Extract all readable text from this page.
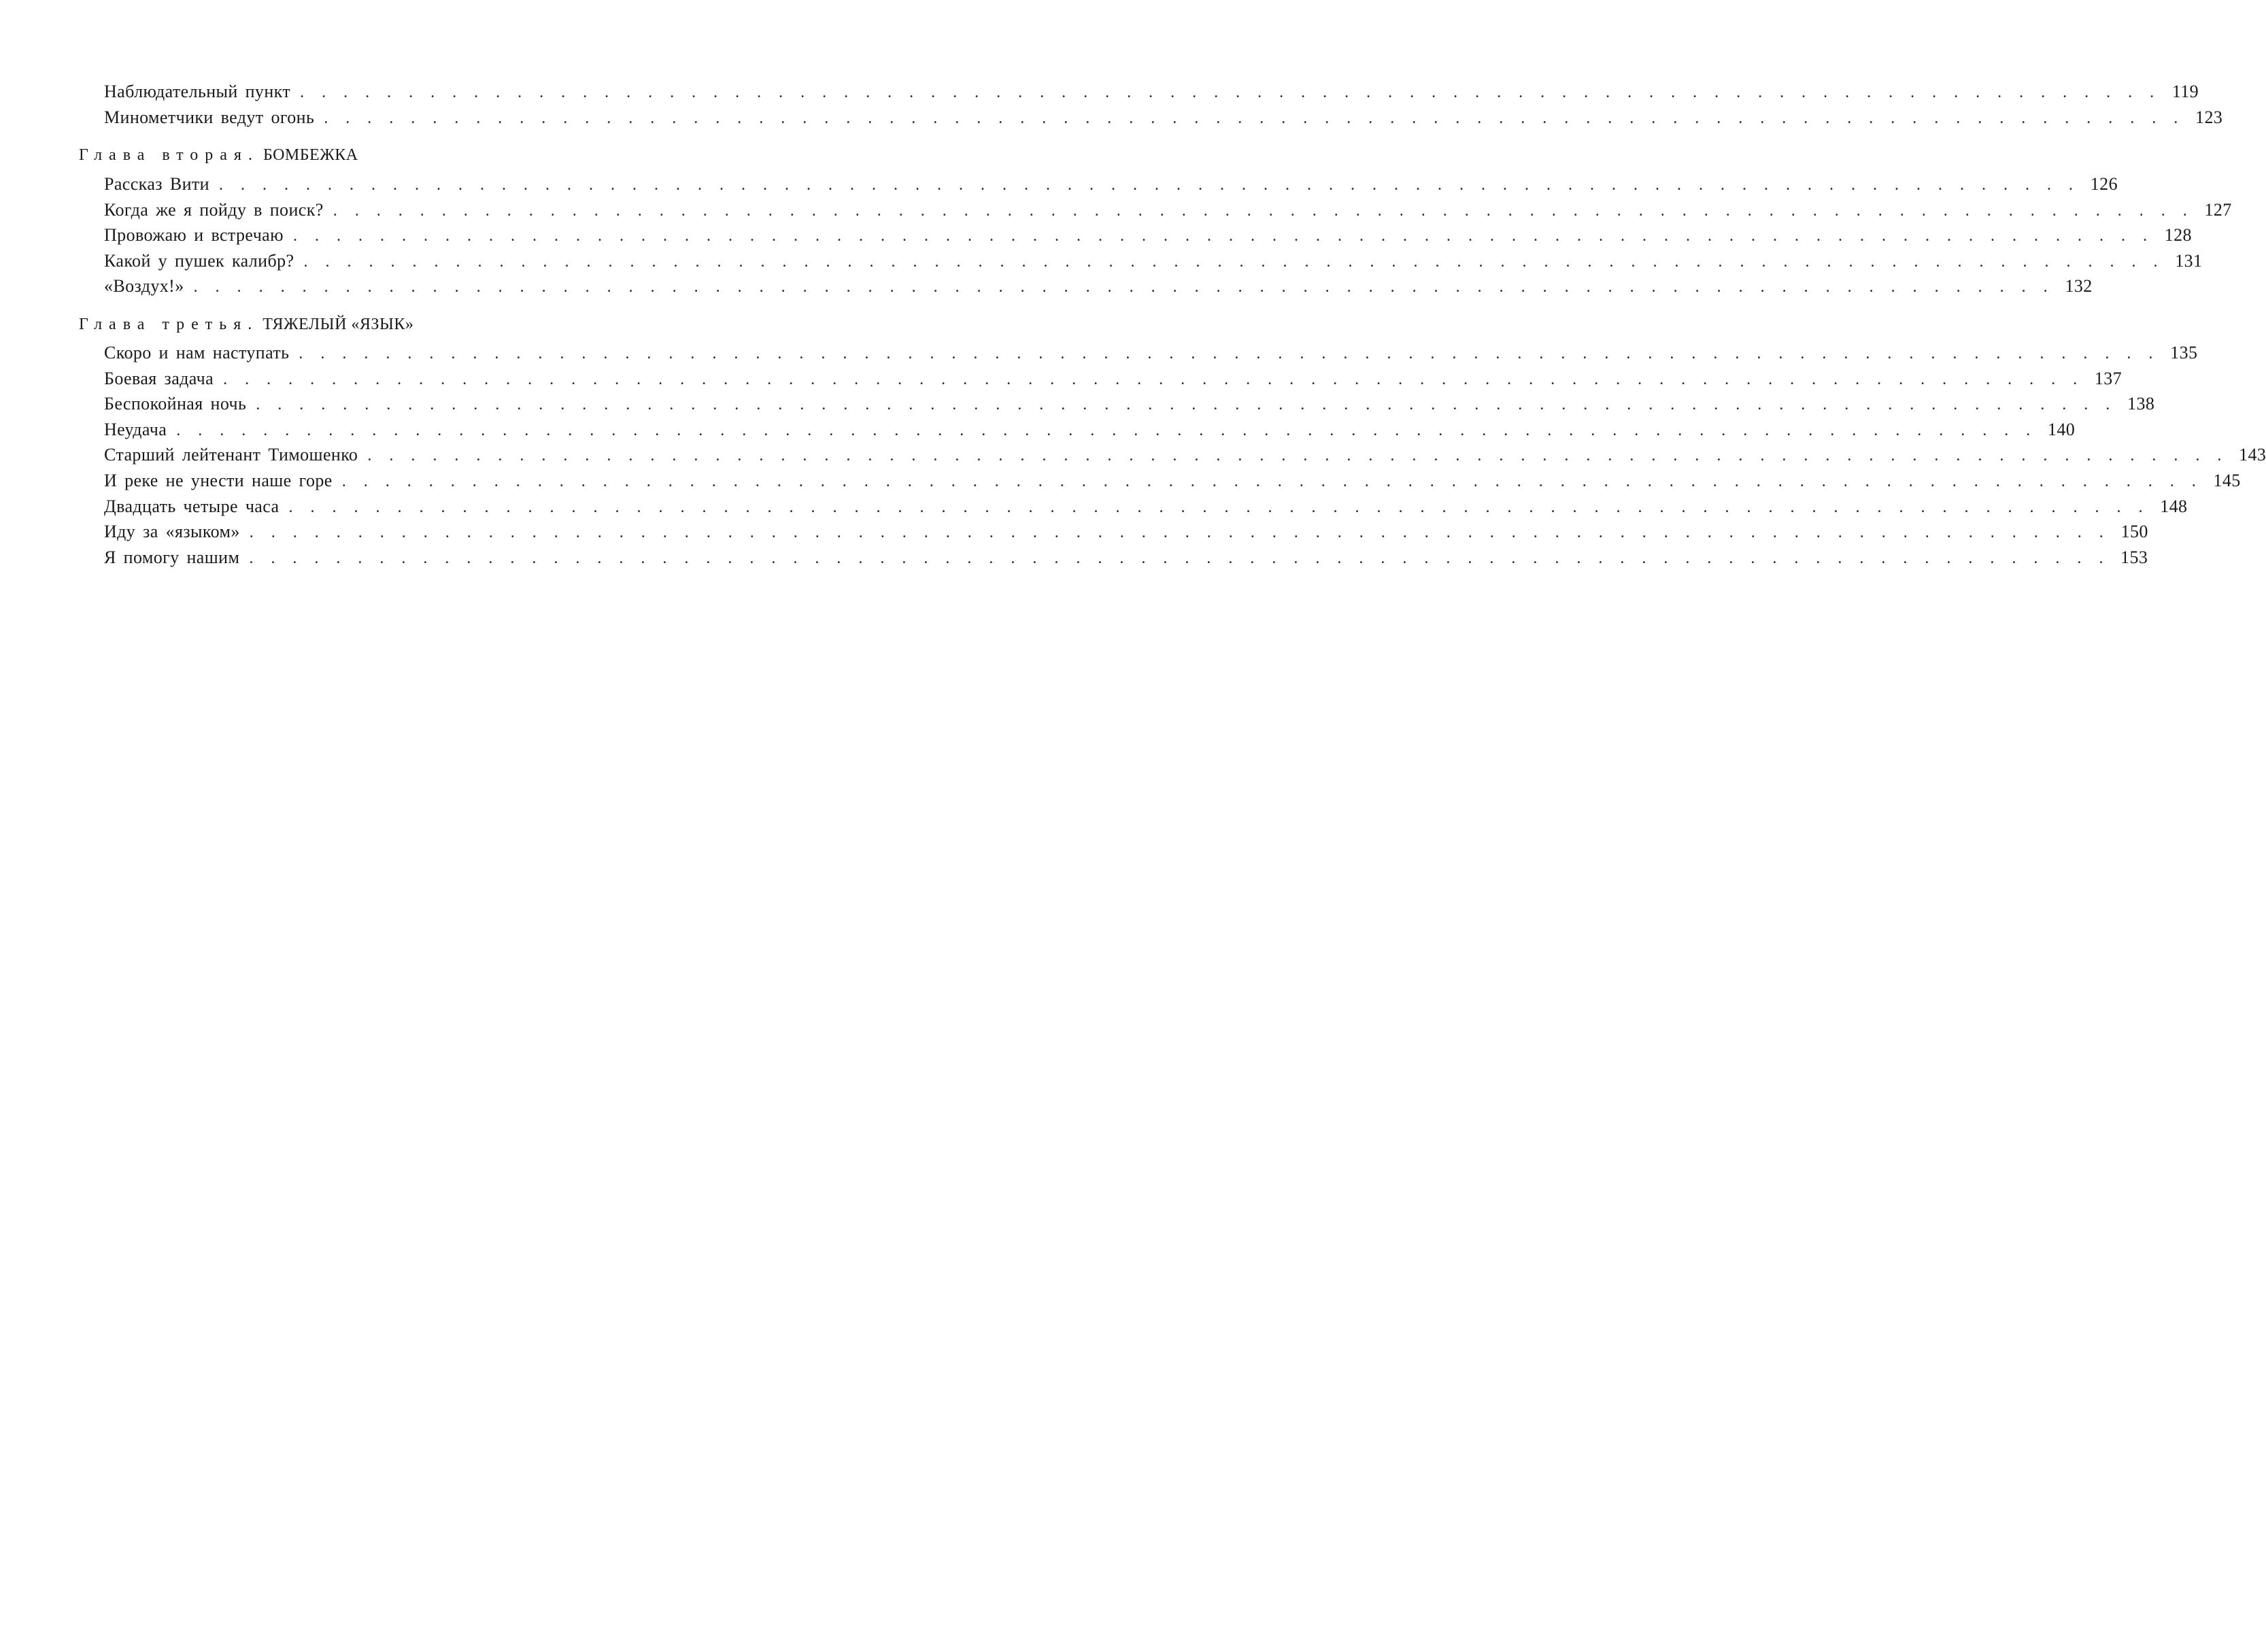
Наблюдательный пункт . . . . . . . . . . . . . . . . . . . . . . . . . . . . . . . . . . . . . . . . . . . . . . . . . . . . . . . . . . . . . . . . . . . . . . . . . . . . . . . . . . . . . . 119
Минометчики ведут огонь . . . . . . . . . . . . . . . . . . . . . . . . . . . . . . . . . . . . . . . . . . . . . . . . . . . . . . . . . . . . . . . . . . . . . . . . . . . . . . . . . . . . . . 123
Глава вторая. БОМБЕЖКА
Рассказ Вити . . . . . . . . . . . . . . . . . . . . . . . . . . . . . . . . . . . . . . . . . . . . . . . . . . . . . . . . . . . . . . . . . . . . . . . . . . . . . . . . . . . . . . 126
Когда же я пойду в поиск? . . . . . . . . . . . . . . . . . . . . . . . . . . . . . . . . . . . . . . . . . . . . . . . . . . . . . . . . . . . . . . . . . . . . . . . . . . . . . . . . . . . . . . 127
Провожаю и встречаю . . . . . . . . . . . . . . . . . . . . . . . . . . . . . . . . . . . . . . . . . . . . . . . . . . . . . . . . . . . . . . . . . . . . . . . . . . . . . . . . . . . . . . 128
Какой у пушек калибр? . . . . . . . . . . . . . . . . . . . . . . . . . . . . . . . . . . . . . . . . . . . . . . . . . . . . . . . . . . . . . . . . . . . . . . . . . . . . . . . . . . . . . . 131
«Воздух!» . . . . . . . . . . . . . . . . . . . . . . . . . . . . . . . . . . . . . . . . . . . . . . . . . . . . . . . . . . . . . . . . . . . . . . . . . . . . . . . . . . . . . . 132
Глава третья. ТЯЖЕЛЫЙ «ЯЗЫК»
Скоро и нам наступать . . . . . . . . . . . . . . . . . . . . . . . . . . . . . . . . . . . . . . . . . . . . . . . . . . . . . . . . . . . . . . . . . . . . . . . . . . . . . . . . . . . . . . 135
Боевая задача . . . . . . . . . . . . . . . . . . . . . . . . . . . . . . . . . . . . . . . . . . . . . . . . . . . . . . . . . . . . . . . . . . . . . . . . . . . . . . . . . . . . . . 137
Беспокойная ночь . . . . . . . . . . . . . . . . . . . . . . . . . . . . . . . . . . . . . . . . . . . . . . . . . . . . . . . . . . . . . . . . . . . . . . . . . . . . . . . . . . . . . . 138
Неудача . . . . . . . . . . . . . . . . . . . . . . . . . . . . . . . . . . . . . . . . . . . . . . . . . . . . . . . . . . . . . . . . . . . . . . . . . . . . . . . . . . . . . . 140
Старший лейтенант Тимошенко . . . . . . . . . . . . . . . . . . . . . . . . . . . . . . . . . . . . . . . . . . . . . . . . . . . . . . . . . . . . . . . . . . . . . . . . . . . . . . . . . . . . . . 143
И реке не унести наше горе . . . . . . . . . . . . . . . . . . . . . . . . . . . . . . . . . . . . . . . . . . . . . . . . . . . . . . . . . . . . . . . . . . . . . . . . . . . . . . . . . . . . . . 145
Двадцать четыре часа . . . . . . . . . . . . . . . . . . . . . . . . . . . . . . . . . . . . . . . . . . . . . . . . . . . . . . . . . . . . . . . . . . . . . . . . . . . . . . . . . . . . . . 148
Иду за «языком» . . . . . . . . . . . . . . . . . . . . . . . . . . . . . . . . . . . . . . . . . . . . . . . . . . . . . . . . . . . . . . . . . . . . . . . . . . . . . . . . . . . . . . 150
Я помогу нашим . . . . . . . . . . . . . . . . . . . . . . . . . . . . . . . . . . . . . . . . . . . . . . . . . . . . . . . . . . . . . . . . . . . . . . . . . . . . . . . . . . . . . . 153
